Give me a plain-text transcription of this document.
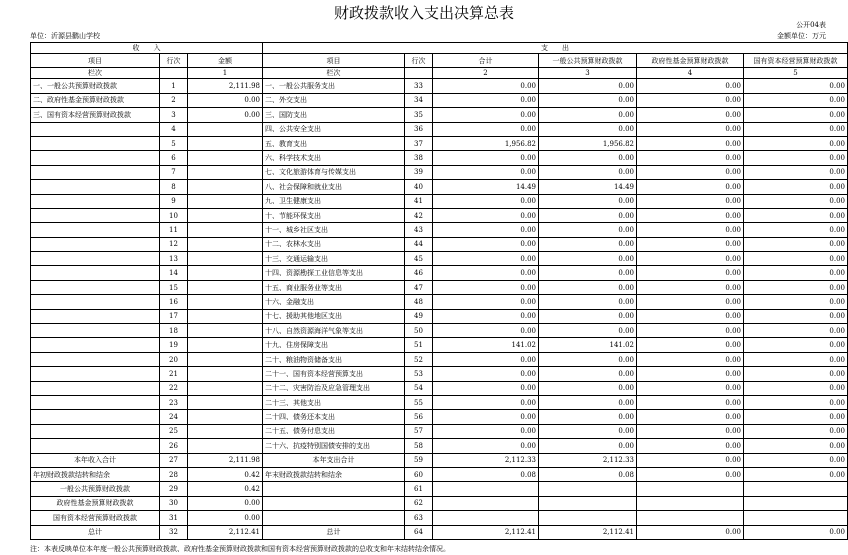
财政拨款收入支出决算总表
公开04表
单位：沂源县鹳山学校	金额单位：万元
收　　入			支　　出					
项目	行次	金额	项目	行次	合计	一般公共预算财政拨款	政府性基金预算财政拨款	国有资本经营预算财政拨款
栏次		1	栏次		2	3	4	5
一、一般公共预算财政拨款	1	2,111.98	一、一般公共服务支出	33	0.00	0.00	0.00	0.00
二、政府性基金预算财政拨款	2	0.00	二、外交支出	34	0.00	0.00	0.00	0.00
三、国有资本经营预算财政拨款	3	0.00	三、国防支出	35	0.00	0.00	0.00	0.00
	4		四、公共安全支出	36	0.00	0.00	0.00	0.00
	5		五、教育支出	37	1,956.82	1,956.82	0.00	0.00
	6		六、科学技术支出	38	0.00	0.00	0.00	0.00
	7		七、文化旅游体育与传媒支出	39	0.00	0.00	0.00	0.00
	8		八、社会保障和就业支出	40	14.49	14.49	0.00	0.00
	9		九、卫生健康支出	41	0.00	0.00	0.00	0.00
	10		十、节能环保支出	42	0.00	0.00	0.00	0.00
	11		十一、城乡社区支出	43	0.00	0.00	0.00	0.00
	12		十二、农林水支出	44	0.00	0.00	0.00	0.00
	13		十三、交通运输支出	45	0.00	0.00	0.00	0.00
	14		十四、资源勘探工业信息等支出	46	0.00	0.00	0.00	0.00
	15		十五、商业服务业等支出	47	0.00	0.00	0.00	0.00
	16		十六、金融支出	48	0.00	0.00	0.00	0.00
	17		十七、援助其他地区支出	49	0.00	0.00	0.00	0.00
	18		十八、自然资源海洋气象等支出	50	0.00	0.00	0.00	0.00
	19		十九、住房保障支出	51	141.02	141.02	0.00	0.00
	20		二十、粮油物资储备支出	52	0.00	0.00	0.00	0.00
	21		二十一、国有资本经营预算支出	53	0.00	0.00	0.00	0.00
	22		二十二、灾害防治及应急管理支出	54	0.00	0.00	0.00	0.00
	23		二十三、其他支出	55	0.00	0.00	0.00	0.00
	24		二十四、债务还本支出	56	0.00	0.00	0.00	0.00
	25		二十五、债务付息支出	57	0.00	0.00	0.00	0.00
	26		二十六、抗疫特别国债安排的支出	58	0.00	0.00	0.00	0.00
本年收入合计	27	2,111.98	本年支出合计	59	2,112.33	2,112.33	0.00	0.00
年初财政拨款结转和结余	28	0.42	年末财政拨款结转和结余	60	0.08	0.08	0.00	0.00
一般公共预算财政拨款	29	0.42		61				
政府性基金预算财政拨款	30	0.00		62				
国有资本经营预算财政拨款	31	0.00		63				
总计	32	2,112.41	总计	64	2,112.41	2,112.41	0.00	0.00
注：本表反映单位本年度一般公共预算财政拨款、政府性基金预算财政拨款和国有资本经营预算财政拨款的总收支和年末结转结余情况。
